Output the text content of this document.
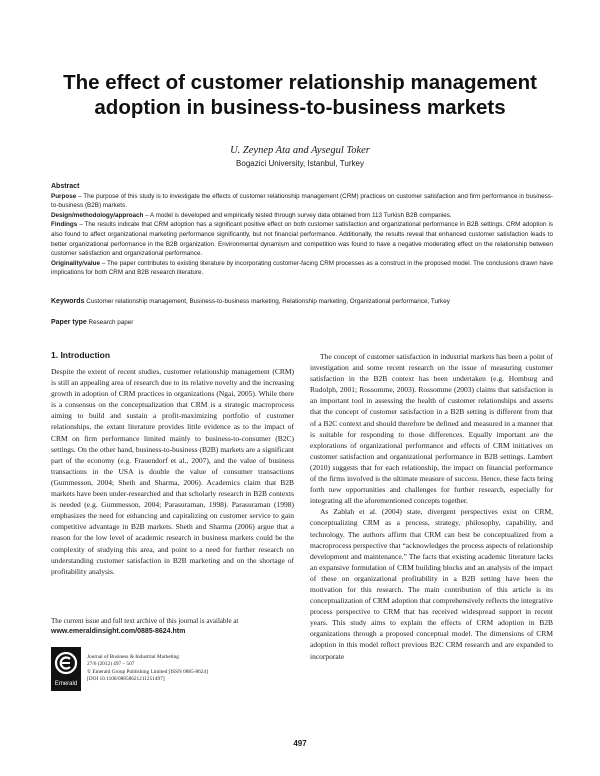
The effect of customer relationship management adoption in business-to-business markets
U. Zeynep Ata and Aysegul Toker
Bogazici University, Istanbul, Turkey
Abstract

Purpose – The purpose of this study is to investigate the effects of customer relationship management (CRM) practices on customer satisfaction and firm performance in business-to-business (B2B) markets.

Design/methodology/approach – A model is developed and empirically tested through survey data obtained from 113 Turkish B2B companies.

Findings – The results indicate that CRM adoption has a significant positive effect on both customer satisfaction and organizational performance in B2B settings. CRM adoption is also found to affect organizational marketing performance significantly, but not financial performance. Additionally, the results reveal that enhanced customer satisfaction leads to better organizational performance in the B2B organization. Environmental dynamism and competition was found to have a negative moderating effect on the relationship between customer satisfaction and organizational performance.

Originality/value – The paper contributes to existing literature by incorporating customer-facing CRM processes as a construct in the proposed model. The conclusions drawn have implications for both CRM and B2B research literature.

Keywords Customer relationship management, Business-to-business marketing, Relationship marketing, Organizational performance, Turkey
Paper type Research paper
1. Introduction

Despite the extent of recent studies, customer relationship management (CRM) is still an appealing area of research due to its relative novelty and the increasing growth in adoption of CRM practices in organizations (Ngai, 2005). While there is a consensus on the conceptualization that CRM is a strategic macroprocess aiming to build and sustain a profit-maximizing portfolio of customer relationships, the extant literature provides little evidence as to the impact of CRM on firm performance limited mainly to business-to-consumer (B2C) settings. On the other hand, business-to-business (B2B) markets are a significant part of the economy (e.g. Frauendorf et al., 2007), and the value of business transactions in the USA is double the value of consumer transactions (Gummesson, 2004; Sheth and Sharma, 2006). Academics claim that B2B markets have been under-researched and that scholarly research in B2B contexts is needed (e.g. Gummesson, 2004; Parasuraman, 1998). Parasuraman (1998) emphasizes the need for enhancing and capitalizing on customer service to gain competitive advantage in B2B markets. Sheth and Sharma (2006) argue that a reason for the low level of academic research in business markets could be the complexity of studying this area, and point to a need for further research on understanding customer satisfaction in B2B marketing and on the shortage of profitability analysis.

The concept of customer satisfaction in industrial markets has been a point of investigation and some recent research on the issue of measuring customer satisfaction in the B2B context has been undertaken (e.g. Homburg and Rudolph, 2001; Rossomme, 2003). Rossomme (2003) claims that satisfaction is an important tool in assessing the health of customer relationships and asserts that the concept of customer satisfaction in a B2B setting is different from that of a B2C context and should therefore be defined and measured in a manner that is suitable for responding to those differences. Equally important are the explorations of organizational performance and effects of CRM initiatives on customer satisfaction and organizational performance in B2B settings. Lambert (2010) suggests that for each relationship, the impact on financial performance of the firms involved is the ultimate measure of success. Hence, these facts bring forth new opportunities and challenges for further research, especially for integrating all the aforementioned concepts together.

As Zablah et al. (2004) state, divergent perspectives exist on CRM, conceptualizing CRM as a process, strategy, philosophy, capability, and technology. The authors affirm that CRM can best be conceptualized from a macroprocess perspective that “acknowledges the process aspects of relationship development and maintenance.” The facts that existing academic literature lacks an expansive formulation of CRM building blocks and an analysis of the impact of these on organizational profitability in a B2B setting have been the motivation for this research. The main contribution of this article is its conceptualization of CRM adoption that comprehensively reflects the integrative process perspective to CRM that has received widespread support in recent years. This study aims to explain the effects of CRM adoption in B2B organizations through a proposed conceptual model. The dimensions of CRM adoption in this model reflect previous B2C CRM research and are expanded to incorporate

The current issue and full text archive of this journal is available at
www.emeraldinsight.com/0885-8624.htm
Emerald
Journal of Business & Industrial Marketing
27/6 (2012) 497 – 507
© Emerald Group Publishing Limited [ISSN 0885-8624]
[DOI 10.1108/08858621211251497]
497
